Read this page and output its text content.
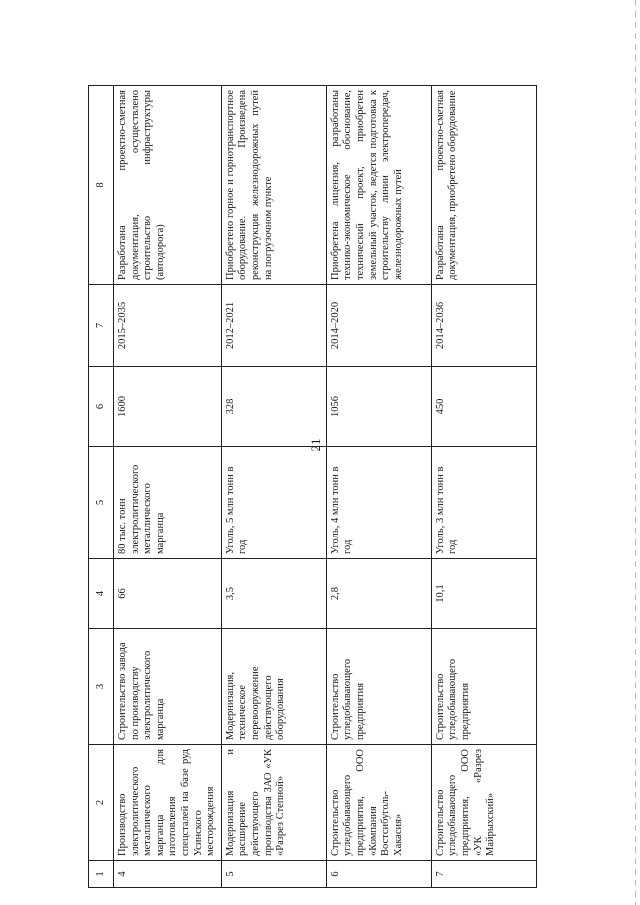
21
1	2	3	4	5	6	7	8
4	Производство электролитического металлического марганца для изготовления спецсталей на базе руд Усинского месторождения	Строительство завода по производству электролитического марганца	66	80 тыс. тонн электролитического металлического марганца	1600	2015–2035	Разработана проектно-сметная документация, осуществлено строительство инфраструктуры (автодорога)
5	Модернизация и расширение действующего производства ЗАО «УК «Разрез Степной»	Модернизация, техническое перевооружение действующего оборудования	3,5	Уголь, 5 млн тонн в год	328	2012–2021	Приобретено горное и горнотранспортное оборудование. Произведена реконструкция железнодорожных путей на погрузочном пункте
6	Строительство угледобывающего предприятия, ООО «Компания Востсибуголь-Хакасия»	Строительство угледобывающего предприятия	2,8	Уголь, 4 млн тонн в год	1056	2014–2020	Приобретена лицензия, разработаны технико-экономическое обоснование, технический проект, приобретен земельный участок, ведется подготовка к строительству линии электропередач, железнодорожных путей
7	Строительство угледобывающего предприятия, ООО «УК «Разрез Майрыхский»	Строительство угледобывающего предприятия	10,1	Уголь, 3 млн тонн в год	450	2014–2036	Разработана проектно-сметная документация, приобретено оборудование
